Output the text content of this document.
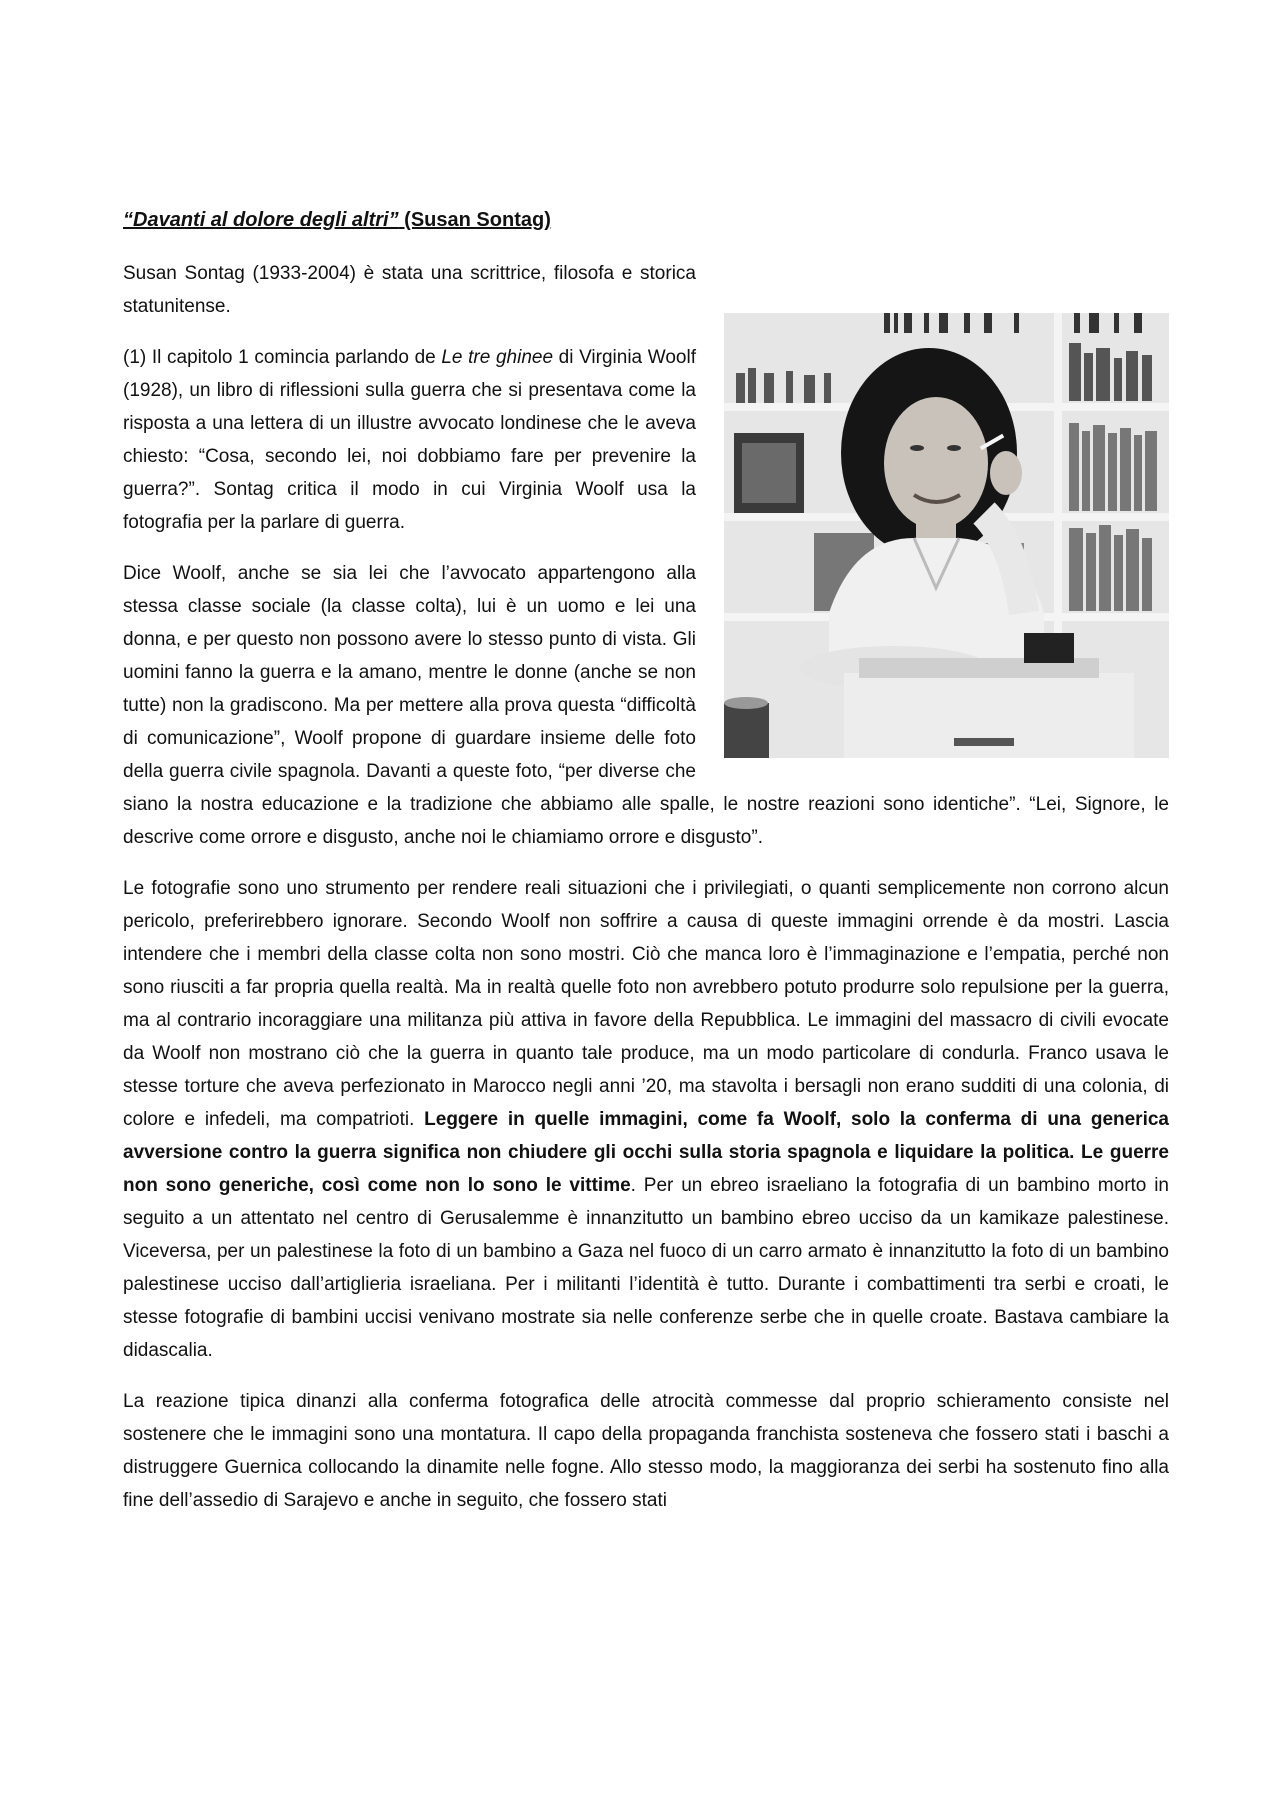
“Davanti al dolore degli altri” (Susan Sontag)

Susan Sontag (1933-2004) è stata una scrittrice, filosofa e storica statunitense.

(1) Il capitolo 1 comincia parlando de Le tre ghinee di Virginia Woolf (1928), un libro di riflessioni sulla guerra che si presentava come la risposta a una lettera di un illustre avvocato londinese che le aveva chiesto: “Cosa, secondo lei, noi dobbiamo fare per prevenire la guerra?”. Sontag critica il modo in cui Virginia Woolf usa la fotografia per la parlare di guerra.

Dice Woolf, anche se sia lei che l’avvocato appartengono alla stessa classe sociale (la classe colta), lui è un uomo e lei una donna, e per questo non possono avere lo stesso punto di vista. Gli uomini fanno la guerra e la amano, mentre le donne (anche se non tutte) non la gradiscono. Ma per mettere alla prova questa “difficoltà di comunicazione”, Woolf propone di guardare insieme delle foto della guerra civile spagnola. Davanti a queste foto, “per diverse che siano la nostra educazione e la tradizione che abbiamo alle spalle, le nostre reazioni sono identiche”. “Lei, Signore, le descrive come orrore e disgusto, anche noi le chiamiamo orrore e disgusto”.

Le fotografie sono uno strumento per rendere reali situazioni che i privilegiati, o quanti semplicemente non corrono alcun pericolo, preferirebbero ignorare. Secondo Woolf non soffrire a causa di queste immagini orrende è da mostri. Lascia intendere che i membri della classe colta non sono mostri. Ciò che manca loro è l’immaginazione e l’empatia, perché non sono riusciti a far propria quella realtà. Ma in realtà quelle foto non avrebbero potuto produrre solo repulsione per la guerra, ma al contrario incoraggiare una militanza più attiva in favore della Repubblica. Le immagini del massacro di civili evocate da Woolf non mostrano ciò che la guerra in quanto tale produce, ma un modo particolare di condurla. Franco usava le stesse torture che aveva perfezionato in Marocco negli anni ’20, ma stavolta i bersagli non erano sudditi di una colonia, di colore e infedeli, ma compatrioti. Leggere in quelle immagini, come fa Woolf, solo la conferma di una generica avversione contro la guerra significa non chiudere gli occhi sulla storia spagnola e liquidare la politica. Le guerre non sono generiche, così come non lo sono le vittime. Per un ebreo israeliano la fotografia di un bambino morto in seguito a un attentato nel centro di Gerusalemme è innanzitutto un bambino ebreo ucciso da un kamikaze palestinese. Viceversa, per un palestinese la foto di un bambino a Gaza nel fuoco di un carro armato è innanzitutto la foto di un bambino palestinese ucciso dall’artiglieria israeliana. Per i militanti l’identità è tutto. Durante i combattimenti tra serbi e croati, le stesse fotografie di bambini uccisi venivano mostrate sia nelle conferenze serbe che in quelle croate. Bastava cambiare la didascalia.

La reazione tipica dinanzi alla conferma fotografica delle atrocità commesse dal proprio schieramento consiste nel sostenere che le immagini sono una montatura. Il capo della propaganda franchista sosteneva che fossero stati i baschi a distruggere Guernica collocando la dinamite nelle fogne. Allo stesso modo, la maggioranza dei serbi ha sostenuto fino alla fine dell’assedio di Sarajevo e anche in seguito, che fossero stati
